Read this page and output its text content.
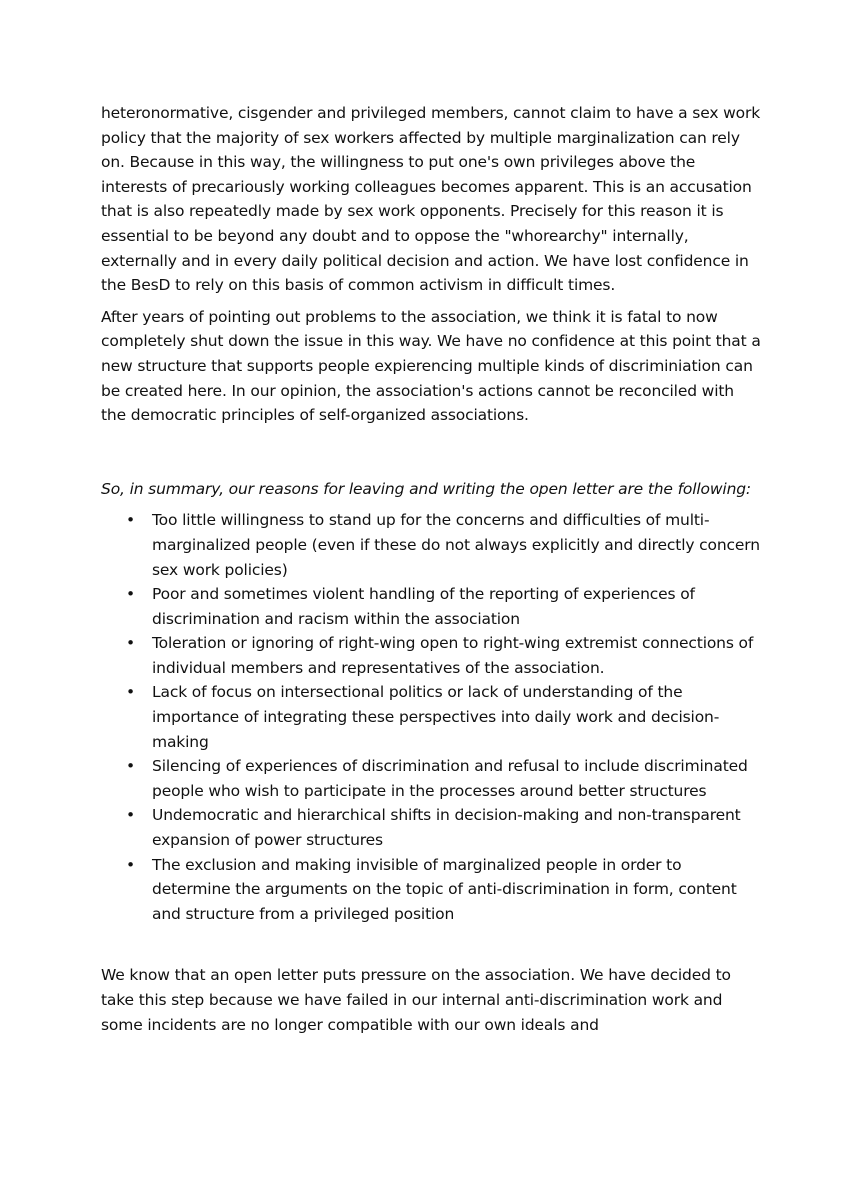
heteronormative, cisgender and privileged members, cannot claim to have a sex work policy that the majority of sex workers affected by multiple marginalization can rely on. Because in this way, the willingness to put one's own privileges above the interests of precariously working colleagues becomes apparent. This is an accusation that is also repeatedly made by sex work opponents. Precisely for this reason it is essential to be beyond any doubt and to oppose the "whorearchy" internally, externally and in every daily political decision and action. We have lost confidence in the BesD to rely on this basis of common activism in difficult times.

After years of pointing out problems to the association, we think it is fatal to now completely shut down the issue in this way. We have no confidence at this point that a new structure that supports people expierencing multiple kinds of discriminiation can be created here. In our opinion, the association's actions cannot be reconciled with the democratic principles of self-organized associations.

So, in summary, our reasons for leaving and writing the open letter are the following:

• Too little willingness to stand up for the concerns and difficulties of multi-marginalized people (even if these do not always explicitly and directly concern sex work policies)
• Poor and sometimes violent handling of the reporting of experiences of discrimination and racism within the association
• Toleration or ignoring of right-wing open to right-wing extremist connections of individual members and representatives of the association.
• Lack of focus on intersectional politics or lack of understanding of the importance of integrating these perspectives into daily work and decision-making
• Silencing of experiences of discrimination and refusal to include discriminated people who wish to participate in the processes around better structures
• Undemocratic and hierarchical shifts in decision-making and non-transparent expansion of power structures
• The exclusion and making invisible of marginalized people in order to determine the arguments on the topic of anti-discrimination in form, content and structure from a privileged position

We know that an open letter puts pressure on the association. We have decided to take this step because we have failed in our internal anti-discrimination work and some incidents are no longer compatible with our own ideals and
